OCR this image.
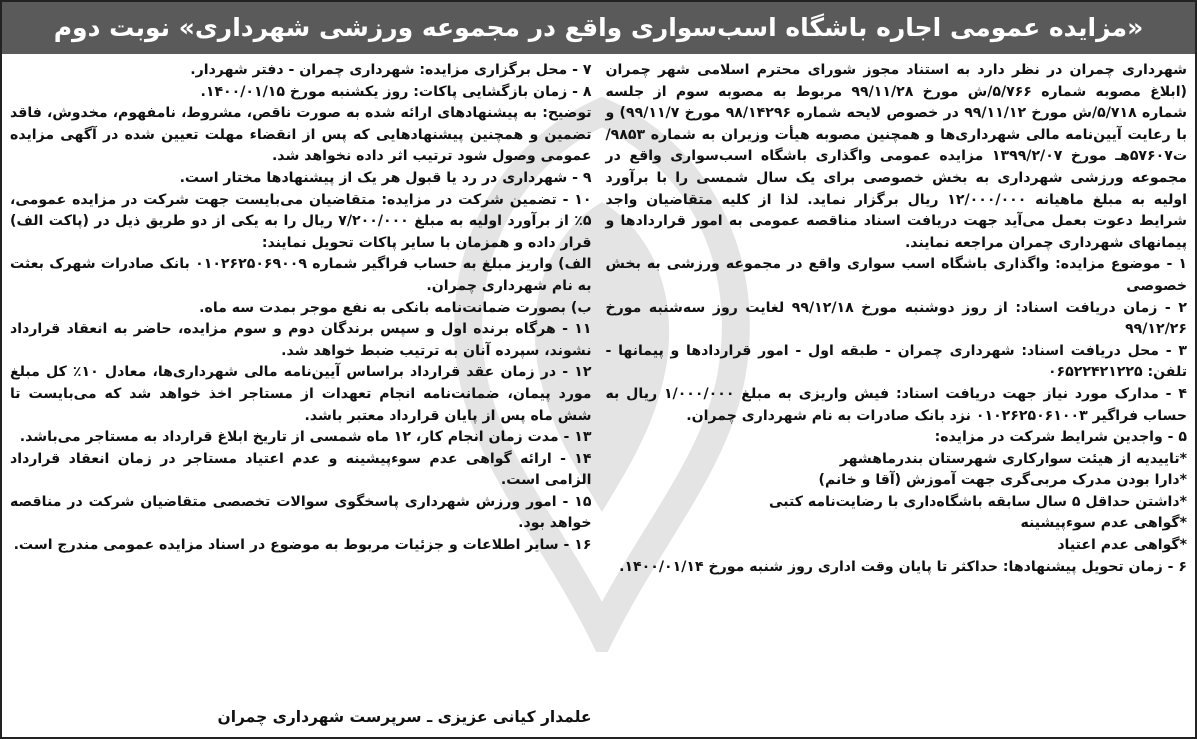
«مزایده عمومی اجاره باشگاه اسب‌سواری واقع در مجموعه ورزشی شهرداری» نوبت دوم

شهرداری چمران در نظر دارد به استناد مجوز شورای محترم اسلامی شهر چمران (ابلاغ مصوبه شماره ۵/۷۶۶/ش مورخ ۹۹/۱۱/۲۸ مربوط به مصوبه سوم از جلسه شماره ۵/۷۱۸/ش مورخ ۹۹/۱۱/۱۲ در خصوص لایحه شماره ۹۸/۱۴۲۹۶ مورخ ۹۹/۱۱/۷) و با رعایت آیین‌نامه مالی شهرداری‌ها و همچنین مصوبه هیأت وزیران به شماره ۹۸۵۳/ت۵۷۶۰۷هـ مورخ ۱۳۹۹/۲/۰۷ مزایده عمومی واگذاری باشگاه اسب‌سواری واقع در مجموعه ورزشی شهرداری به بخش خصوصی برای یک سال شمسی را با برآورد اولیه به مبلغ ماهیانه ۱۲/۰۰۰/۰۰۰ ریال برگزار نماید. لذا از کلیه متقاضیان واجد شرایط دعوت بعمل می‌آید جهت دریافت اسناد مناقصه عمومی به امور قراردادها و پیمانهای شهرداری چمران مراجعه نمایند.

۱ - موضوع مزایده: واگذاری باشگاه اسب سواری واقع در مجموعه ورزشی به بخش خصوصی

۲ - زمان دریافت اسناد: از روز دوشنبه مورخ ۹۹/۱۲/۱۸ لغایت روز سه‌شنبه مورخ ۹۹/۱۲/۲۶

۳ - محل دریافت اسناد: شهرداری چمران - طبقه اول - امور قراردادها و پیمانها - تلفن: ۰۶۵۲۲۴۲۱۲۲۵

۴ - مدارک مورد نیاز جهت دریافت اسناد: فیش واریزی به مبلغ ۱/۰۰۰/۰۰۰ ریال به حساب فراگیر ۰۱۰۲۶۲۵۰۶۱۰۰۳ نزد بانک صادرات به نام شهرداری چمران.

۵ - واجدین شرایط شرکت در مزایده:

*تاییدیه از هیئت سوارکاری شهرستان بندرماهشهر

*دارا بودن مدرک مربی‌گری جهت آموزش (آقا و خانم)

*داشتن حداقل ۵ سال سابقه باشگاه‌داری با رضایت‌نامه کتبی

*گواهی عدم سوءپیشینه

*گواهی عدم اعتیاد

۶ - زمان تحویل پیشنهادها: حداکثر تا پایان وقت اداری روز شنبه مورخ ۱۴۰۰/۰۱/۱۴.

۷ - محل برگزاری مزایده: شهرداری چمران - دفتر شهردار.

۸ - زمان بازگشایی پاکات: روز یکشنبه مورخ ۱۴۰۰/۰۱/۱۵.

توضیح: به پیشنهادهای ارائه شده به صورت ناقص، مشروط، نامفهوم، مخدوش، فاقد تضمین و همچنین پیشنهادهایی که پس از انقضاء مهلت تعیین شده در آگهی مزایده عمومی وصول شود ترتیب اثر داده نخواهد شد.

۹ - شهرداری در رد یا قبول هر یک از پیشنهادها مختار است.

۱۰ - تضمین شرکت در مزایده: متقاضیان می‌بایست جهت شرکت در مزایده عمومی، ۵٪ از برآورد اولیه به مبلغ ۷/۲۰۰/۰۰۰ ریال را به یکی از دو طریق ذیل در (پاکت الف) قرار داده و همزمان با سایر پاکات تحویل نمایند:

الف) واریز مبلغ به حساب فراگیر شماره ۰۱۰۲۶۲۵۰۶۹۰۰۹ بانک صادرات شهرک بعثت به نام شهرداری چمران.

ب) بصورت ضمانت‌نامه بانکی به نفع موجر بمدت سه ماه.

۱۱ - هرگاه برنده اول و سپس برندگان دوم و سوم مزایده، حاضر به انعقاد قرارداد نشوند، سپرده آنان به ترتیب ضبط خواهد شد.

۱۲ - در زمان عقد قرارداد براساس آیین‌نامه مالی شهرداری‌ها، معادل ۱۰٪ کل مبلغ مورد پیمان، ضمانت‌نامه انجام تعهدات از مستاجر اخذ خواهد شد که می‌بایست تا شش ماه پس از پایان قرارداد معتبر باشد.

۱۳ - مدت زمان انجام کار، ۱۲ ماه شمسی از تاریخ ابلاغ قرارداد به مستاجر می‌باشد.

۱۴ - ارائه گواهی عدم سوءپیشینه و عدم اعتیاد مستاجر در زمان انعقاد قرارداد الزامی است.

۱۵ - امور ورزش شهرداری پاسخگوی سوالات تخصصی متقاضیان شرکت در مناقصه خواهد بود.

۱۶ - سایر اطلاعات و جزئیات مربوط به موضوع در اسناد مزایده عمومی مندرج است.

علمدار کیانی عزیزی ـ سرپرست شهرداری چمران
